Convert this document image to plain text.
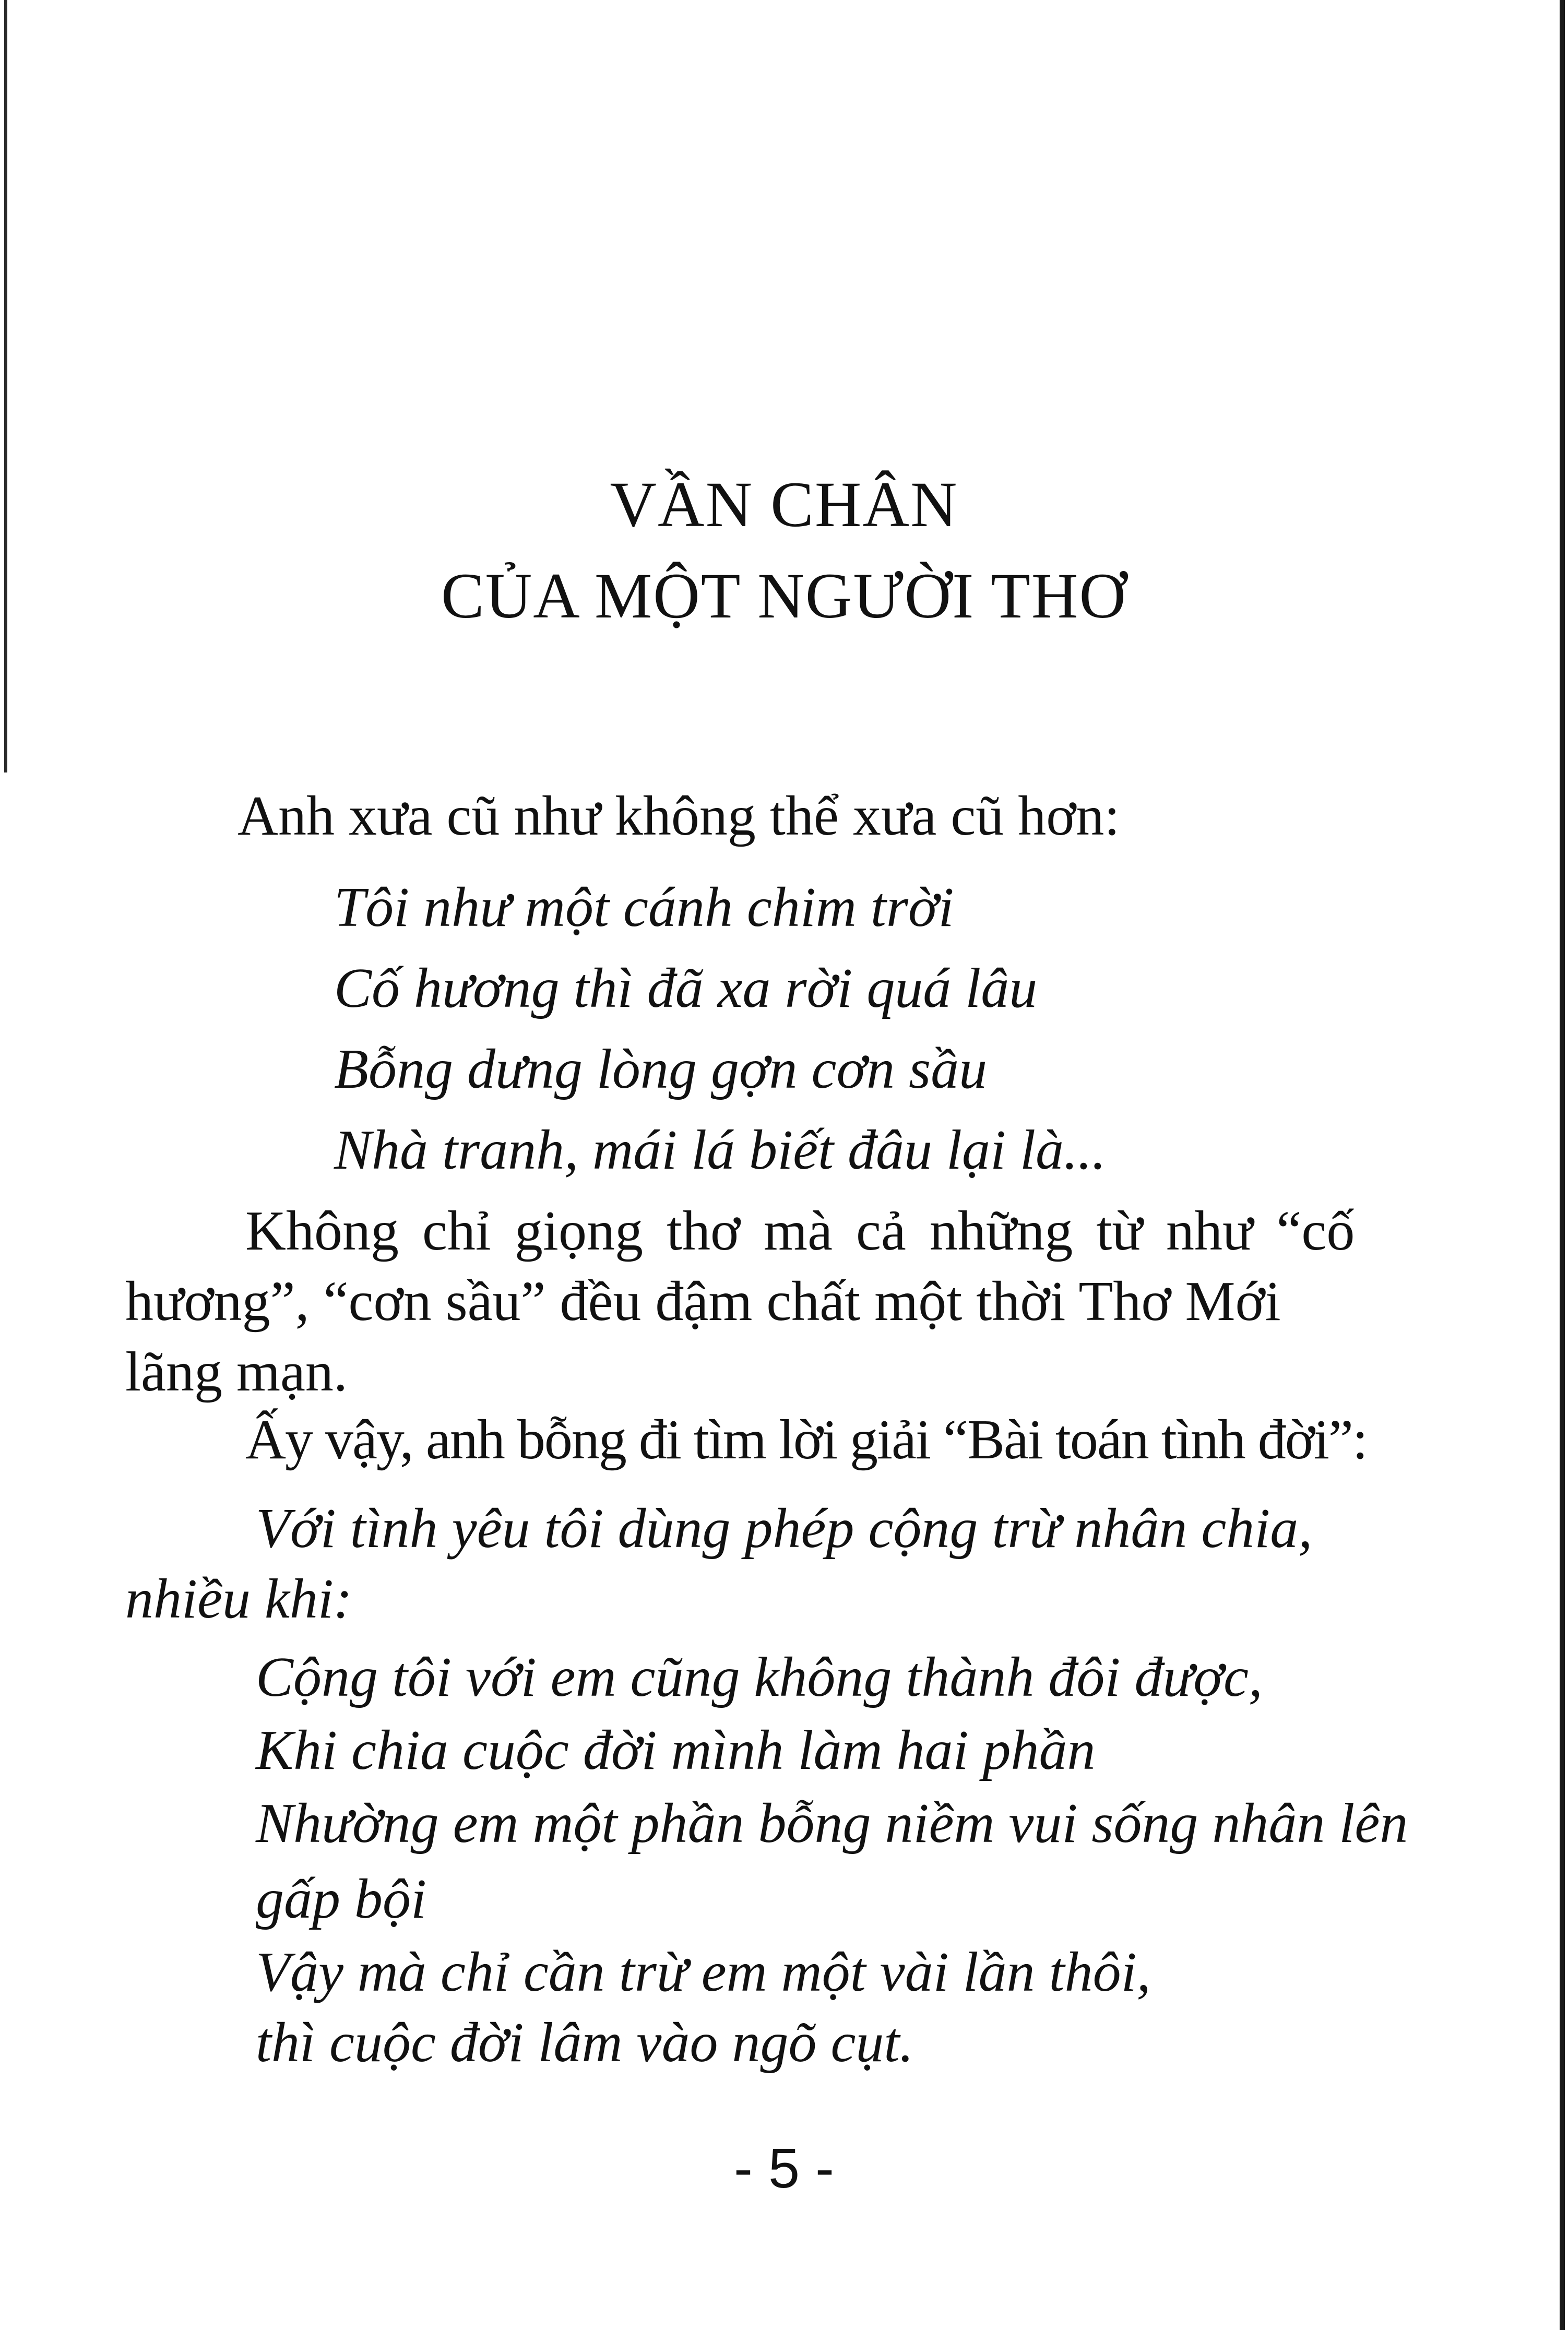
VẦN CHÂN
CỦA MỘT NGƯỜI THƠ
Anh xưa cũ như không thể xưa cũ hơn:
Tôi như một cánh chim trời
Cố hương thì đã xa rời quá lâu
Bỗng dưng lòng gợn cơn sầu
Nhà tranh, mái lá biết đâu lại là...
Không chỉ giọng thơ mà cả những từ như “cố
hương”, “cơn sầu” đều đậm chất một thời Thơ Mới
lãng mạn.
Ấy vậy, anh bỗng đi tìm lời giải “Bài toán tình đời”:
Với tình yêu tôi dùng phép cộng trừ nhân chia,
nhiều khi:
Cộng tôi với em cũng không thành đôi được,
Khi chia cuộc đời mình làm hai phần
Nhường em một phần bỗng niềm vui sống nhân lên
gấp bội
Vậy mà chỉ cần trừ em một vài lần thôi,
thì cuộc đời lâm vào ngõ cụt.
- 5 -
